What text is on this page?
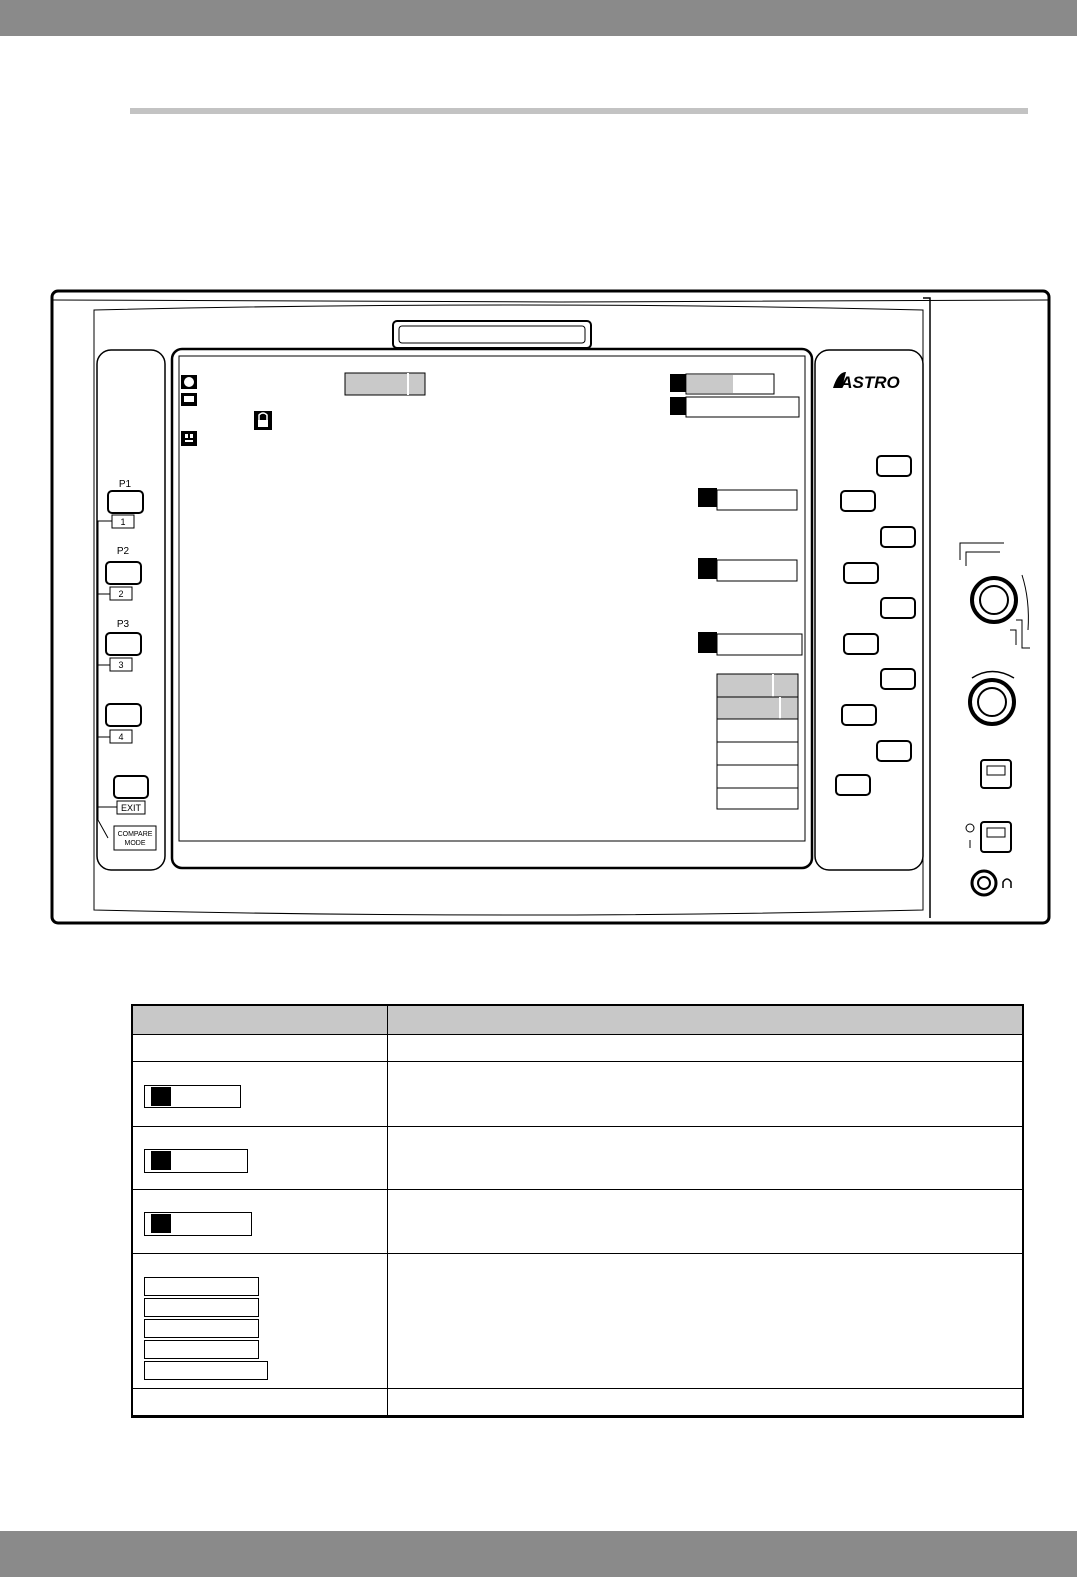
P1
1
P2
2
P3
3
4
EXIT
COMPARE
MODE
ASTRO
